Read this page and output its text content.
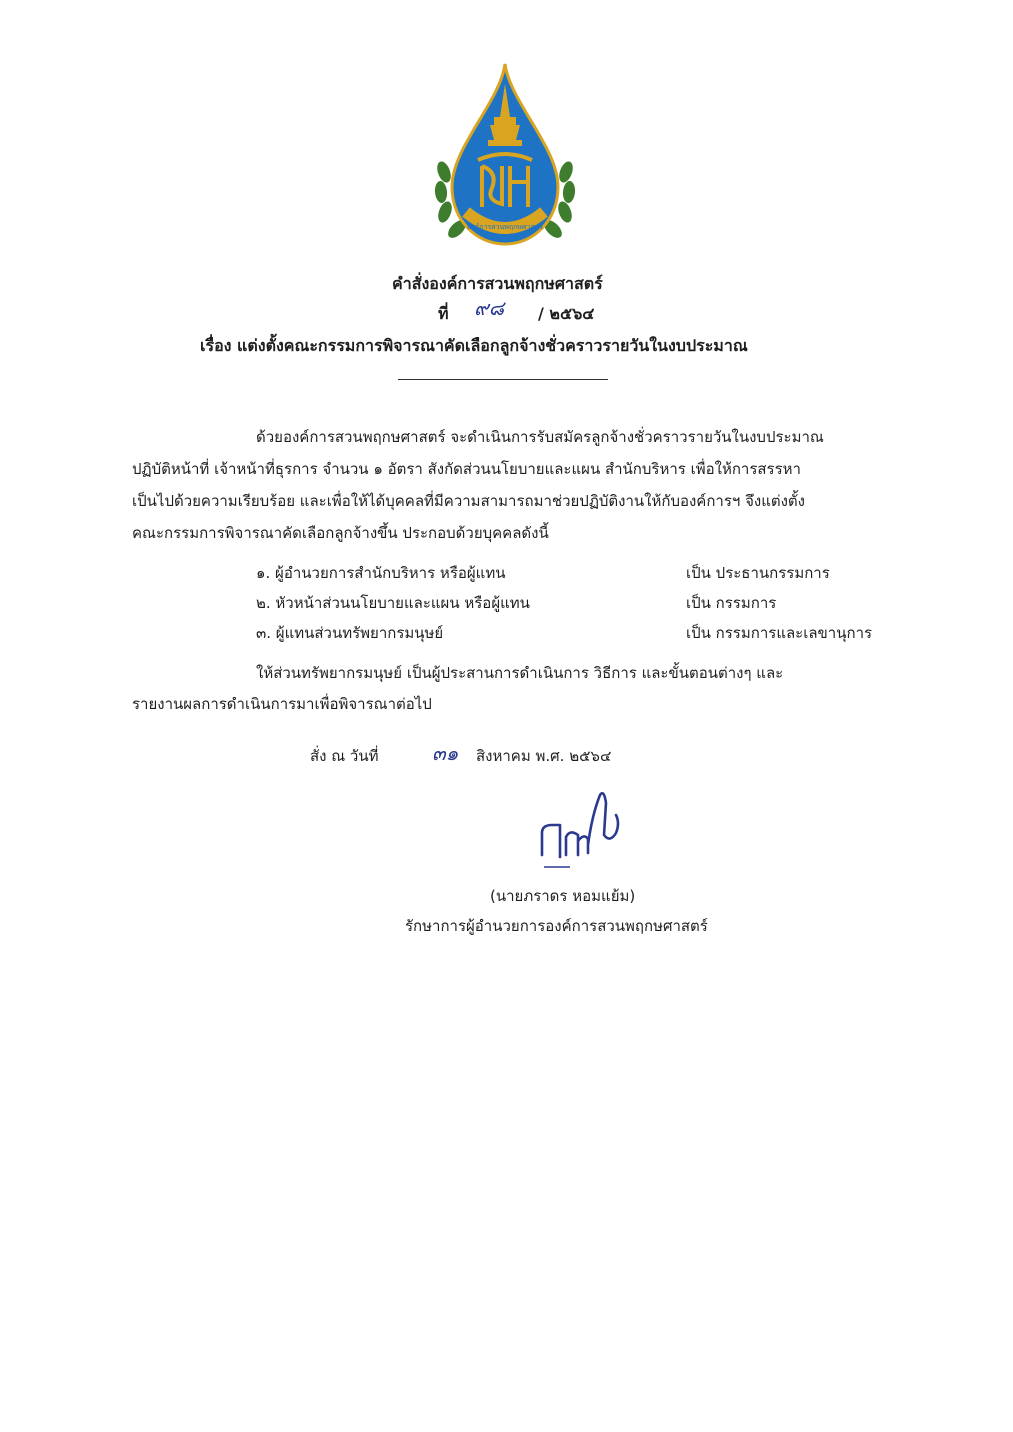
องค์การสวนพฤกษศาสตร์
คำสั่งองค์การสวนพฤกษศาสตร์
ที่ ๙๘ / ๒๕๖๔
เรื่อง แต่งตั้งคณะกรรมการพิจารณาคัดเลือกลูกจ้างชั่วคราวรายวันในงบประมาณ
ด้วยองค์การสวนพฤกษศาสตร์ จะดำเนินการรับสมัครลูกจ้างชั่วคราวรายวันในงบประมาณ
ปฏิบัติหน้าที่ เจ้าหน้าที่ธุรการ จำนวน ๑ อัตรา สังกัดส่วนนโยบายและแผน สำนักบริหาร เพื่อให้การสรรหา
เป็นไปด้วยความเรียบร้อย และเพื่อให้ได้บุคคลที่มีความสามารถมาช่วยปฏิบัติงานให้กับองค์การฯ จึงแต่งตั้ง
คณะกรรมการพิจารณาคัดเลือกลูกจ้างขึ้น ประกอบด้วยบุคคลดังนี้
๑. ผู้อำนวยการสำนักบริหาร หรือผู้แทน	เป็น ประธานกรรมการ
๒. หัวหน้าส่วนนโยบายและแผน หรือผู้แทน	เป็น กรรมการ
๓. ผู้แทนส่วนทรัพยากรมนุษย์	เป็น กรรมการและเลขานุการ
ให้ส่วนทรัพยากรมนุษย์ เป็นผู้ประสานการดำเนินการ วิธีการ และขั้นตอนต่างๆ และ
รายงานผลการดำเนินการมาเพื่อพิจารณาต่อไป
สั่ง ณ วันที่	๓๑ สิงหาคม พ.ศ. ๒๕๖๔
(นายภราดร หอมแย้ม)
รักษาการผู้อำนวยการองค์การสวนพฤกษศาสตร์
